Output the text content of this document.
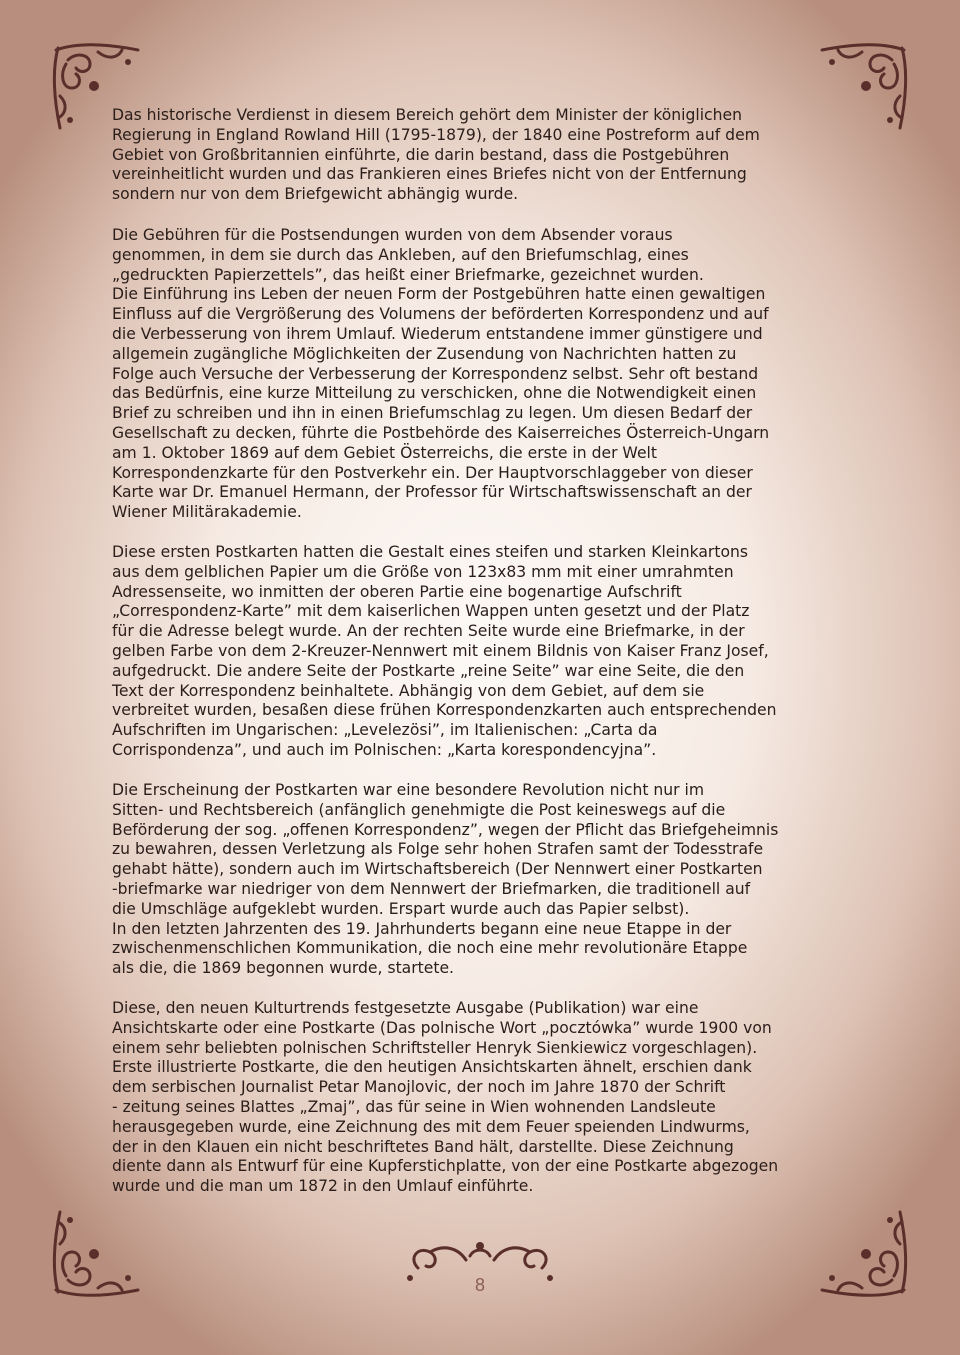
Das historische Verdienst in diesem Bereich gehört dem Minister der königlichen
Regierung in England Rowland Hill (1795-1879), der 1840 eine Postreform auf dem
Gebiet von Großbritannien einführte, die darin bestand, dass die Postgebühren
vereinheitlicht wurden und das Frankieren eines Briefes nicht von der Entfernung
sondern nur von dem Briefgewicht abhängig wurde.

Die Gebühren für die Postsendungen wurden von dem Absender voraus
genommen, in dem sie durch das Ankleben, auf den Briefumschlag, eines
„gedruckten Papierzettels”, das heißt einer Briefmarke, gezeichnet wurden.
Die Einführung ins Leben der neuen Form der Postgebühren hatte einen gewaltigen
Einfluss auf die Vergrößerung des Volumens der beförderten Korrespondenz und auf
die Verbesserung von ihrem Umlauf. Wiederum entstandene immer günstigere und
allgemein zugängliche Möglichkeiten der Zusendung von Nachrichten hatten zu
Folge auch Versuche der Verbesserung der Korrespondenz selbst. Sehr oft bestand
das Bedürfnis, eine kurze Mitteilung zu verschicken, ohne die Notwendigkeit einen
Brief zu schreiben und ihn in einen Briefumschlag zu legen. Um diesen Bedarf der
Gesellschaft zu decken, führte die Postbehörde des Kaiserreiches Österreich-Ungarn
am 1. Oktober 1869 auf dem Gebiet Österreichs, die erste in der Welt
Korrespondenzkarte für den Postverkehr ein. Der Hauptvorschlaggeber von dieser
Karte war Dr. Emanuel Hermann, der Professor für Wirtschaftswissenschaft an der
Wiener Militärakademie.

Diese ersten Postkarten hatten die Gestalt eines steifen und starken Kleinkartons
aus dem gelblichen Papier um die Größe von 123x83 mm mit einer umrahmten
Adressenseite, wo inmitten der oberen Partie eine bogenartige Aufschrift
„Correspondenz-Karte” mit dem kaiserlichen Wappen unten gesetzt und der Platz
für die Adresse belegt wurde. An der rechten Seite wurde eine Briefmarke, in der
gelben Farbe von dem 2-Kreuzer-Nennwert mit einem Bildnis von Kaiser Franz Josef,
aufgedruckt. Die andere Seite der Postkarte „reine Seite” war eine Seite, die den
Text der Korrespondenz beinhaltete. Abhängig von dem Gebiet, auf dem sie
verbreitet wurden, besaßen diese frühen Korrespondenzkarten auch entsprechenden
Aufschriften im Ungarischen: „Levelezösi”, im Italienischen: „Carta da
Corrispondenza”, und auch im Polnischen: „Karta korespondencyjna”.

Die Erscheinung der Postkarten war eine besondere Revolution nicht nur im
Sitten- und Rechtsbereich (anfänglich genehmigte die Post keineswegs auf die
Beförderung der sog. „offenen Korrespondenz”, wegen der Pflicht das Briefgeheimnis
zu bewahren, dessen Verletzung als Folge sehr hohen Strafen samt der Todesstrafe
gehabt hätte), sondern auch im Wirtschaftsbereich (Der Nennwert einer Postkarten
-briefmarke war niedriger von dem Nennwert der Briefmarken, die traditionell auf
die Umschläge aufgeklebt wurden. Erspart wurde auch das Papier selbst).
In den letzten Jahrzenten des 19. Jahrhunderts begann eine neue Etappe in der
zwischenmenschlichen Kommunikation, die noch eine mehr revolutionäre Etappe
als die, die 1869 begonnen wurde, startete.

Diese, den neuen Kulturtrends festgesetzte Ausgabe (Publikation) war eine
Ansichtskarte oder eine Postkarte (Das polnische Wort „pocztówka” wurde 1900 von
einem sehr beliebten polnischen Schriftsteller Henryk Sienkiewicz vorgeschlagen).
Erste illustrierte Postkarte, die den heutigen Ansichtskarten ähnelt, erschien dank
dem serbischen Journalist Petar Manojlovic, der noch im Jahre 1870 der Schrift
- zeitung seines Blattes „Zmaj”, das für seine in Wien wohnenden Landsleute
herausgegeben wurde, eine Zeichnung des mit dem Feuer speienden Lindwurms,
der in den Klauen ein nicht beschriftetes Band hält, darstellte. Diese Zeichnung
diente dann als Entwurf für eine Kupferstichplatte, von der eine Postkarte abgezogen
wurde und die man um 1872 in den Umlauf einführte.

8
